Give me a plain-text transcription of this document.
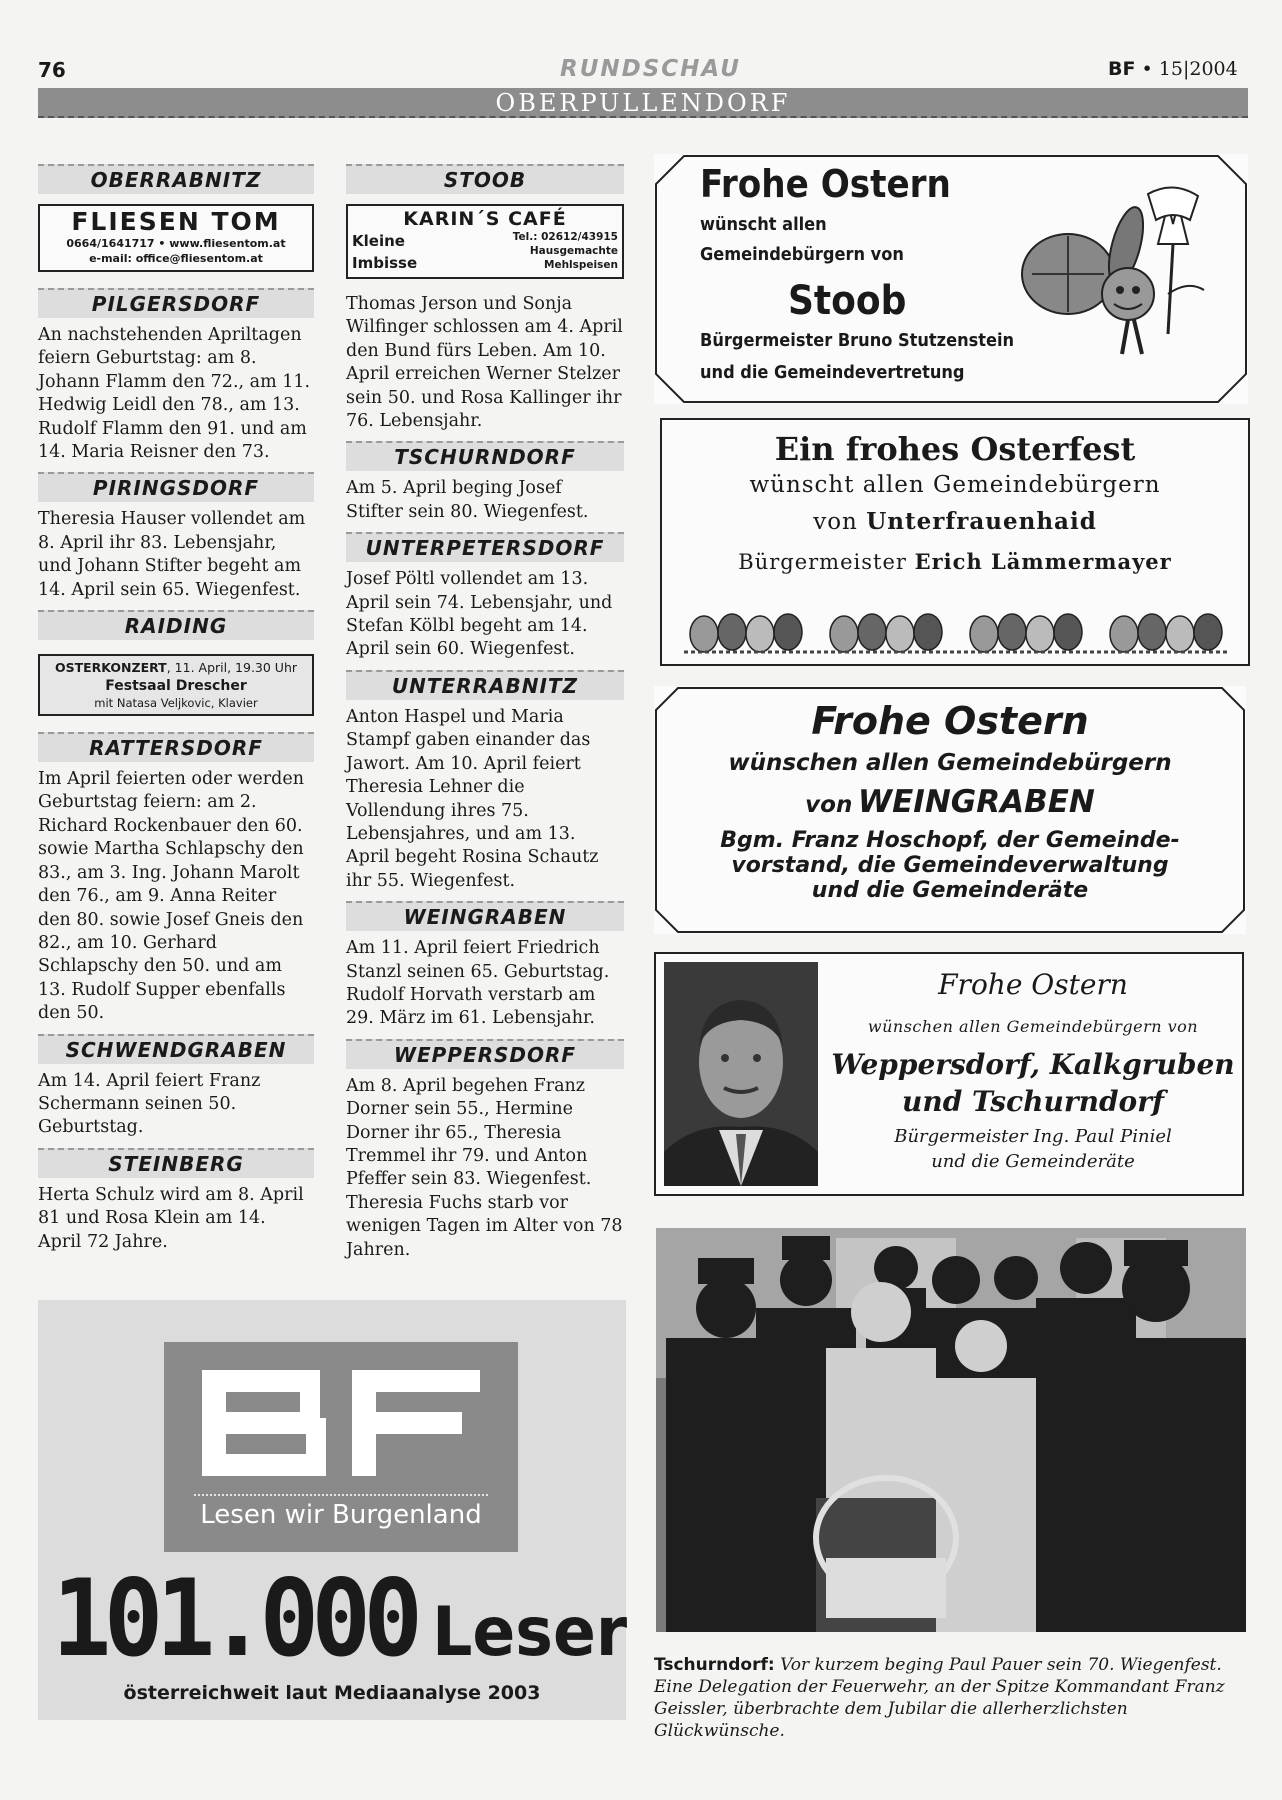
76	RUNDSCHAU	BF • 15|2004
OBERPULLENDORF
OBERRABNITZ
FLIESEN TOM
0664/1641717 • www.fliesentom.at
e-mail: office@fliesentom.at
PILGERSDORF

An nachstehenden Apriltagen feiern Geburtstag: am 8. Johann Flamm den 72., am 11. Hedwig Leidl den 78., am 13. Rudolf Flamm den 91. und am 14. Maria Reisner den 73.

PIRINGSDORF

Theresia Hauser vollendet am 8. April ihr 83. Lebensjahr, und Johann Stifter begeht am 14. April sein 65. Wiegenfest.

RAIDING
OSTERKONZERT, 11. April, 19.30 Uhr
Festsaal Drescher
mit Natasa Veljkovic, Klavier
RATTERSDORF

Im April feierten oder werden Geburtstag feiern: am 2. Richard Rockenbauer den 60. sowie Martha Schlapschy den 83., am 3. Ing. Johann Marolt den 76., am 9. Anna Reiter den 80. sowie Josef Gneis den 82., am 10. Gerhard Schlapschy den 50. und am 13. Rudolf Supper ebenfalls den 50.

SCHWENDGRABEN

Am 14. April feiert Franz Schermann seinen 50. Geburtstag.

STEINBERG

Herta Schulz wird am 8. April 81 und Rosa Klein am 14. April 72 Jahre.

STOOB
KARIN´S CAFÉ
Kleine Imbisse
Tel.: 02612/43915
Hausgemachte Mehlspeisen

Thomas Jerson und Sonja Wilfinger schlossen am 4. April den Bund fürs Leben. Am 10. April erreichen Werner Stelzer sein 50. und Rosa Kallinger ihr 76. Lebensjahr.

TSCHURNDORF

Am 5. April beging Josef Stifter sein 80. Wiegenfest.

UNTERPETERSDORF

Josef Pöltl vollendet am 13. April sein 74. Lebensjahr, und Stefan Kölbl begeht am 14. April sein 60. Wiegenfest.

UNTERRABNITZ

Anton Haspel und Maria Stampf gaben einander das Jawort. Am 10. April feiert Theresia Lehner die Vollendung ihres 75. Lebensjahres, und am 13. April begeht Rosina Schautz ihr 55. Wiegenfest.

WEINGRABEN

Am 11. April feiert Friedrich Stanzl seinen 65. Geburtstag. Rudolf Horvath verstarb am 29. März im 61. Lebensjahr.

WEPPERSDORF

Am 8. April begehen Franz Dorner sein 55., Hermine Dorner ihr 65., Theresia Tremmel ihr 79. und Anton Pfeffer sein 83. Wiegenfest. Theresia Fuchs starb vor wenigen Tagen im Alter von 78 Jahren.

Lesen wir Burgenland
101.000 Leser
österreichweit laut Mediaanalyse 2003
Frohe Ostern
wünscht allen
Gemeindebürgern von
Stoob
Bürgermeister Bruno Stutzenstein
und die Gemeindevertretung
Ein frohes Osterfest
wünscht allen Gemeindebürgern
von Unterfrauenhaid
Bürgermeister Erich Lämmermayer
Frohe Ostern
wünschen allen Gemeindebürgern
von WEINGRABEN
Bgm. Franz Hoschopf, der Gemeinde-
vorstand, die Gemeindeverwaltung
und die Gemeinderäte
Frohe Ostern
wünschen allen Gemeindebürgern von
Weppersdorf, Kalkgruben
und Tschurndorf
Bürgermeister Ing. Paul Piniel
und die Gemeinderäte
Tschurndorf: Vor kurzem beging Paul Pauer sein 70. Wiegenfest. Eine Delegation der Feuerwehr, an der Spitze Kommandant Franz Geissler, überbrachte dem Jubilar die allerherzlichsten Glückwünsche.
